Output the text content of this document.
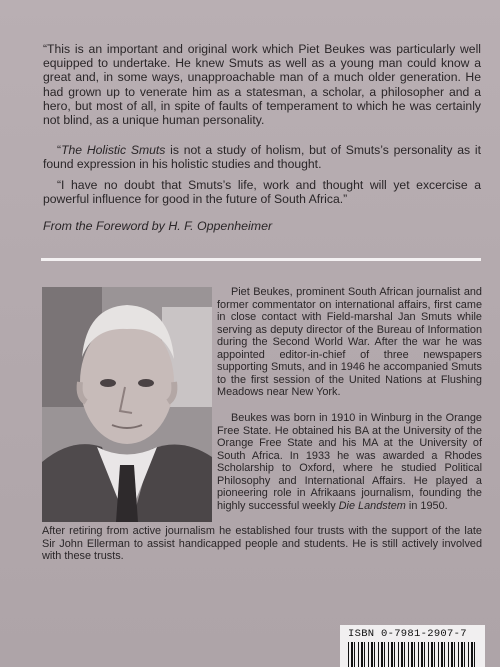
“This is an important and original work which Piet Beukes was particularly well equipped to undertake. He knew Smuts as well as a young man could know a great and, in some ways, unapproachable man of a much older generation. He had grown up to venerate him as a statesman, a scholar, a philosopher and a hero, but most of all, in spite of faults of temperament to which he was certainly not blind, as a unique human personality.

“The Holistic Smuts is not a study of holism, but of Smuts’s personality as it found expression in his holistic studies and thought.

“I have no doubt that Smuts’s life, work and thought will yet excercise a powerful influence for good in the future of South Africa.”

From the Foreword by H. F. Oppenheimer

Piet Beukes, prominent South African journalist and former commentator on international affairs, first came in close contact with Field-marshal Jan Smuts while serving as deputy director of the Bureau of Information during the Second World War. After the war he was appointed editor-in-chief of three newspapers supporting Smuts, and in 1946 he accompanied Smuts to the first session of the United Nations at Flushing Meadows near New York.

Beukes was born in 1910 in Winburg in the Orange Free State. He obtained his BA at the University of the Orange Free State and his MA at the University of South Africa. In 1933 he was awarded a Rhodes Scholarship to Oxford, where he studied Political Philosophy and International Affairs. He played a pioneering role in Afrikaans journalism, founding the highly successful weekly Die Landstem in 1950.

After retiring from active journalism he established four trusts with the support of the late Sir John Ellerman to assist handicapped people and students. He is still actively involved with these trusts.

ISBN 0-7981-2907-7
